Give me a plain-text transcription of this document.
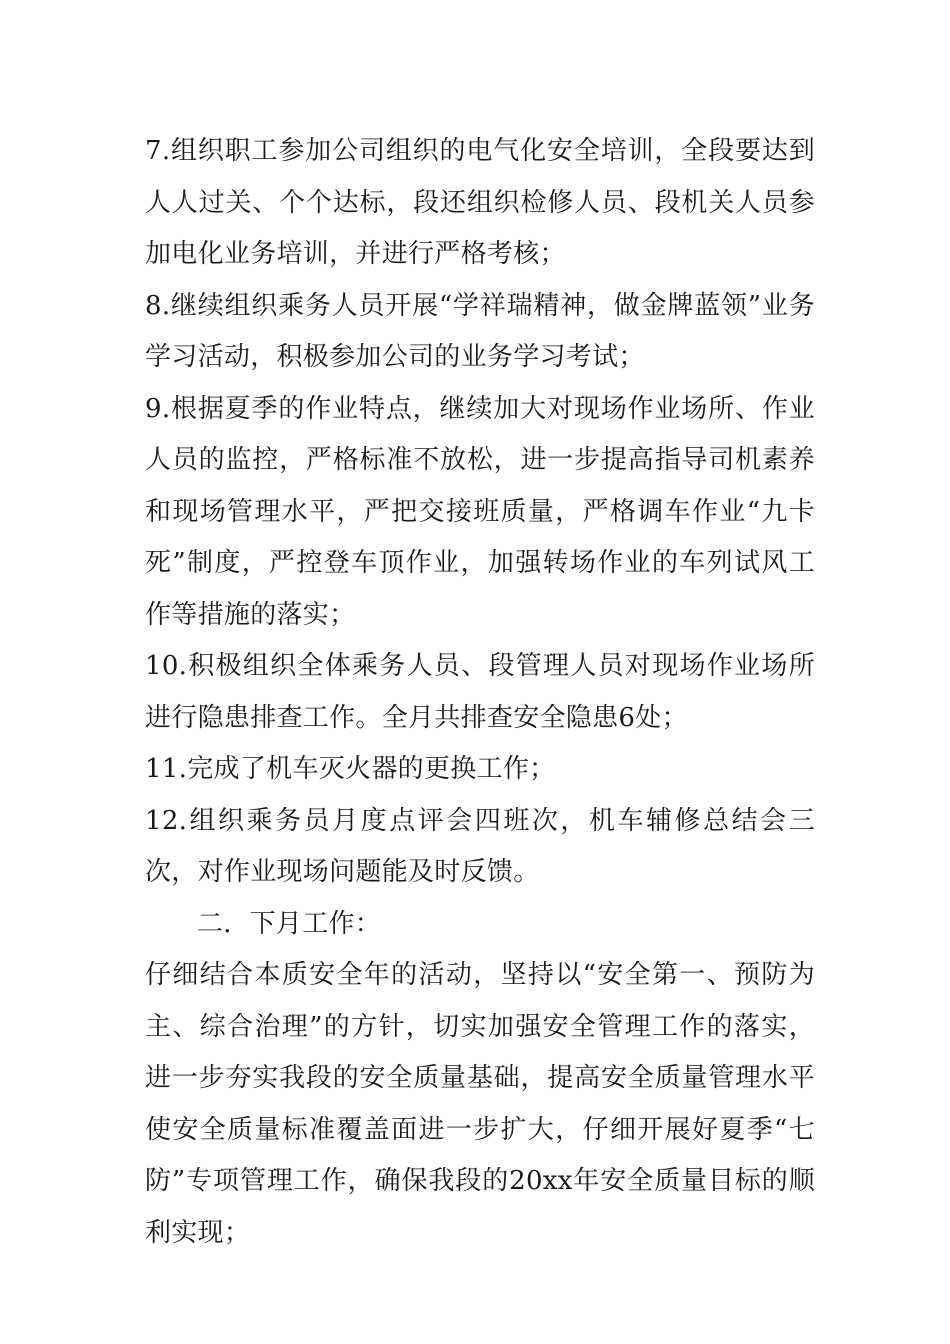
7.组织职工参加公司组织的电气化安全培训，全段要达到人人过关、个个达标，段还组织检修人员、段机关人员参加电化业务培训，并进行严格考核；

8.继续组织乘务人员开展“学祥瑞精神，做金牌蓝领”业务学习活动，积极参加公司的业务学习考试；

9.根据夏季的作业特点，继续加大对现场作业场所、作业人员的监控，严格标准不放松，进一步提高指导司机素养和现场管理水平，严把交接班质量，严格调车作业“九卡死”制度，严控登车顶作业，加强转场作业的车列试风工作等措施的落实；

10.积极组织全体乘务人员、段管理人员对现场作业场所进行隐患排查工作。全月共排查安全隐患6处；

11.完成了机车灭火器的更换工作；

12.组织乘务员月度点评会四班次，机车辅修总结会三次，对作业现场问题能及时反馈。

二．下月工作：

仔细结合本质安全年的活动，坚持以“安全第一、预防为主、综合治理”的方针，切实加强安全管理工作的落实，进一步夯实我段的安全质量基础，提高安全质量管理水平使安全质量标准覆盖面进一步扩大，仔细开展好夏季“七防”专项管理工作，确保我段的20xx年安全质量目标的顺利实现；
